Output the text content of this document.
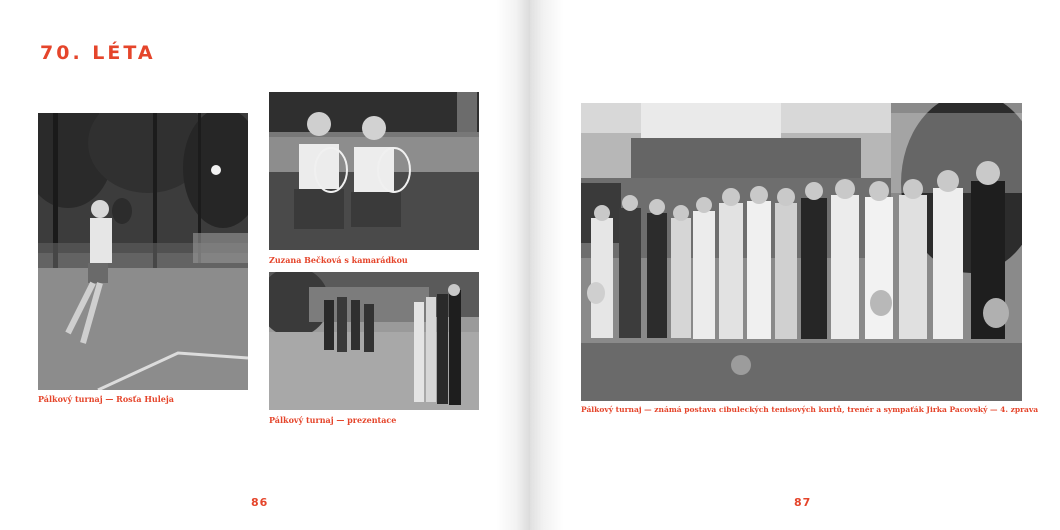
70. LÉTA
Pálkový turnaj — Rosťa Huleja
Zuzana Bečková s kamarádkou
Pálkový turnaj — prezentace
86
Pálkový turnaj — známá postava cibuleckých tenisových kurtů, trenér a sympaťák Jirka Pacovský — 4. zprava
87
